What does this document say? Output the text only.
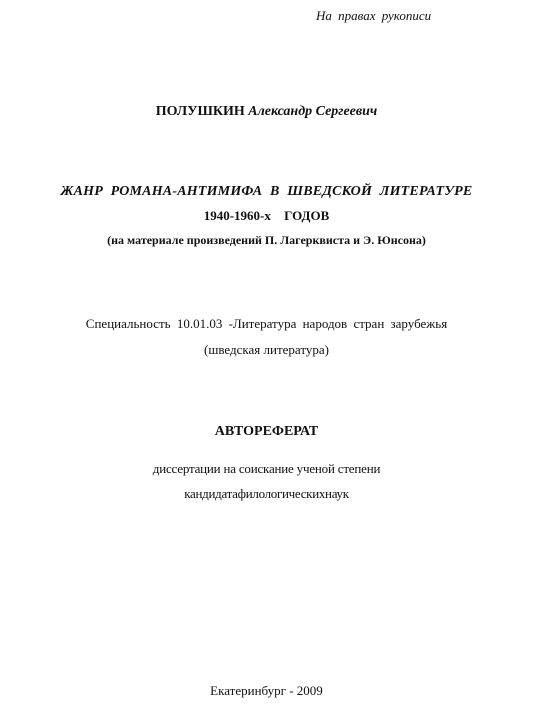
На правах рукописи
ПОЛУШКИН Александр Сергеевич
ЖАНР РОМАНА-АНТИМИФА В ШВЕДСКОЙ ЛИТЕРАТУРЕ
1940-1960-х ГОДОВ
(на материале произведений П. Лагерквиста и Э. Юнсона)
Специальность 10.01.03 -Литература народов стран зарубежья
(шведская литература)
АВТОРЕФЕРАТ
диссертации на соискание ученой степени
кандидатафилологическихнаук
Екатеринбург - 2009
